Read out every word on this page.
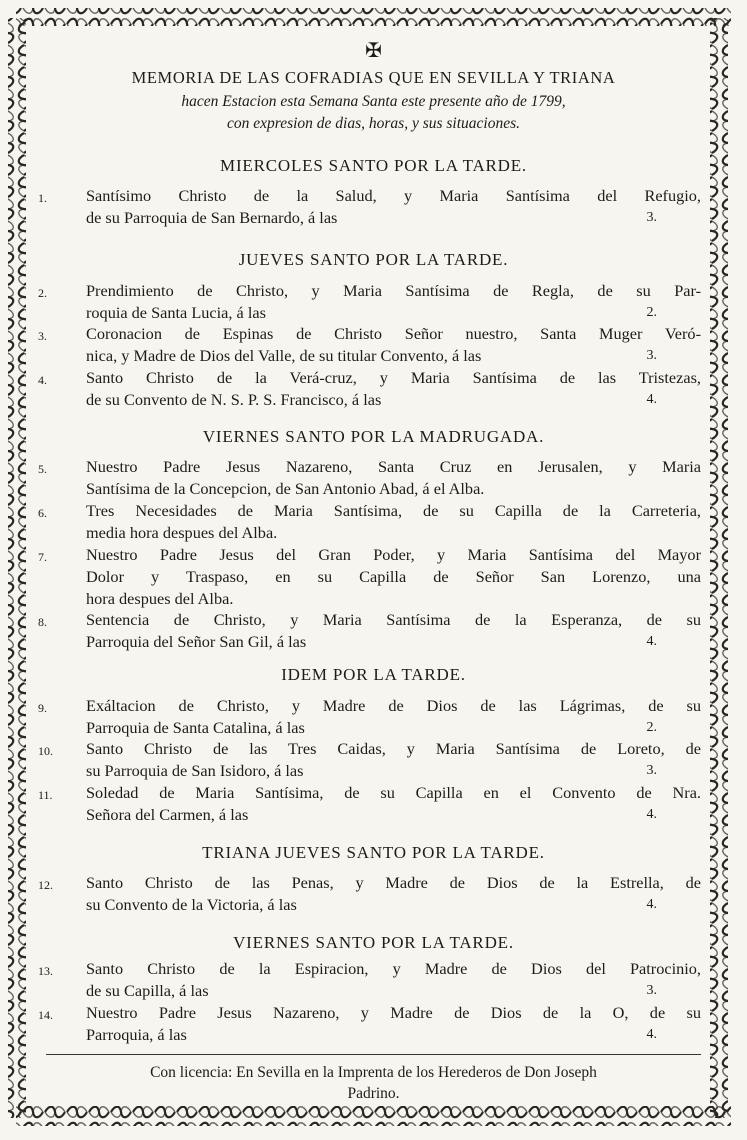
✠
MEMORIA DE LAS COFRADIAS QUE EN SEVILLA Y TRIANA
hacen Estacion esta Semana Santa este presente año de 1799,
con expresion de dias, horas, y sus situaciones.
MIERCOLES SANTO POR LA TARDE.
1.	Santísimo Christo de la Salud, y Maria Santísima del Refugio,
de su Parroquia de San Bernardo, á las	3.
JUEVES SANTO POR LA TARDE.
2.	Prendimiento de Christo, y Maria Santísima de Regla, de su Par-
roquia de Santa Lucia, á las	2.
3.	Coronacion de Espinas de Christo Señor nuestro, Santa Muger Veró-
nica, y Madre de Dios del Valle, de su titular Convento, á las	3.
4.	Santo Christo de la Verá-cruz, y Maria Santísima de las Tristezas,
de su Convento de N. S. P. S. Francisco, á las	4.
VIERNES SANTO POR LA MADRUGADA.
5.	Nuestro Padre Jesus Nazareno, Santa Cruz en Jerusalen, y Maria
Santísima de la Concepcion, de San Antonio Abad, á el Alba.
6.	Tres Necesidades de Maria Santísima, de su Capilla de la Carreteria,
media hora despues del Alba.
7.	Nuestro Padre Jesus del Gran Poder, y Maria Santísima del Mayor
Dolor y Traspaso, en su Capilla de Señor San Lorenzo, una
hora despues del Alba.
8.	Sentencia de Christo, y Maria Santísima de la Esperanza, de su
Parroquia del Señor San Gil, á las	4.
IDEM POR LA TARDE.
9.	Exáltacion de Christo, y Madre de Dios de las Lágrimas, de su
Parroquia de Santa Catalina, á las	2.
10.	Santo Christo de las Tres Caidas, y Maria Santísima de Loreto, de
su Parroquia de San Isidoro, á las	3.
11.	Soledad de Maria Santísima, de su Capilla en el Convento de Nra.
Señora del Carmen, á las	4.
TRIANA JUEVES SANTO POR LA TARDE.
12.	Santo Christo de las Penas, y Madre de Dios de la Estrella, de
su Convento de la Victoria, á las	4.
VIERNES SANTO POR LA TARDE.
13.	Santo Christo de la Espiracion, y Madre de Dios del Patrocinio,
de su Capilla, á las	3.
14.	Nuestro Padre Jesus Nazareno, y Madre de Dios de la O, de su
Parroquia, á las	4.
Con licencia: En Sevilla en la Imprenta de los Herederos de Don Joseph
Padrino.
